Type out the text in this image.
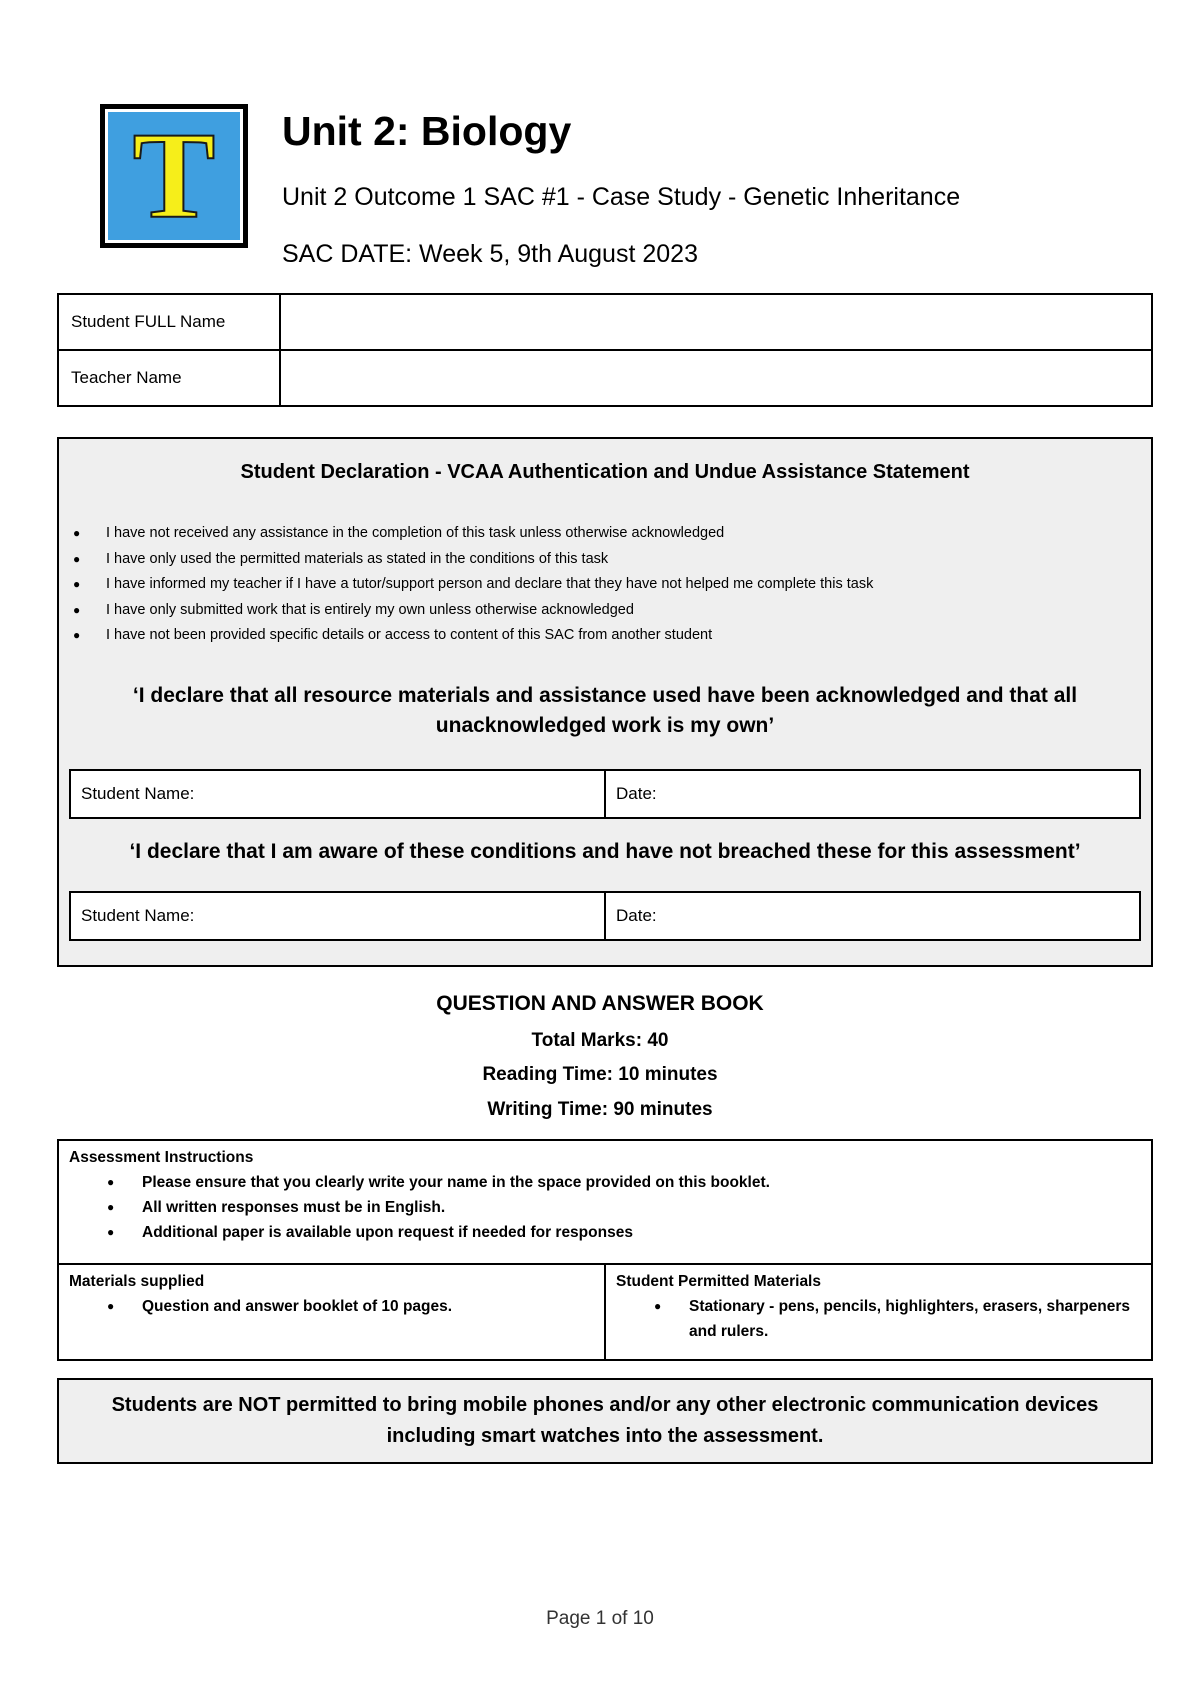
T Unit 2: Biology
Unit 2 Outcome 1 SAC #1 - Case Study - Genetic Inheritance
SAC DATE: Week 5, 9th August 2023
Student FULL Name	
Teacher Name	
Student Declaration - VCAA Authentication and Undue Assistance Statement
● I have not received any assistance in the completion of this task unless otherwise acknowledged
● I have only used the permitted materials as stated in the conditions of this task
● I have informed my teacher if I have a tutor/support person and declare that they have not helped me complete this task
● I have only submitted work that is entirely my own unless otherwise acknowledged
● I have not been provided specific details or access to content of this SAC from another student
‘I declare that all resource materials and assistance used have been acknowledged and that all unacknowledged work is my own’
Student Name:	Date:
‘I declare that I am aware of these conditions and have not breached these for this assessment’
Student Name:	Date:
QUESTION AND ANSWER BOOK
Total Marks: 40
Reading Time: 10 minutes
Writing Time: 90 minutes
Assessment Instructions
● Please ensure that you clearly write your name in the space provided on this booklet.
● All written responses must be in English.
● Additional paper is available upon request if needed for responses

Materials supplied
● Question and answer booklet of 10 pages.

Student Permitted Materials
● Stationary - pens, pencils, highlighters, erasers, sharpeners and rulers.
Students are NOT permitted to bring mobile phones and/or any other electronic communication devices including smart watches into the assessment.
Page 1 of 10
